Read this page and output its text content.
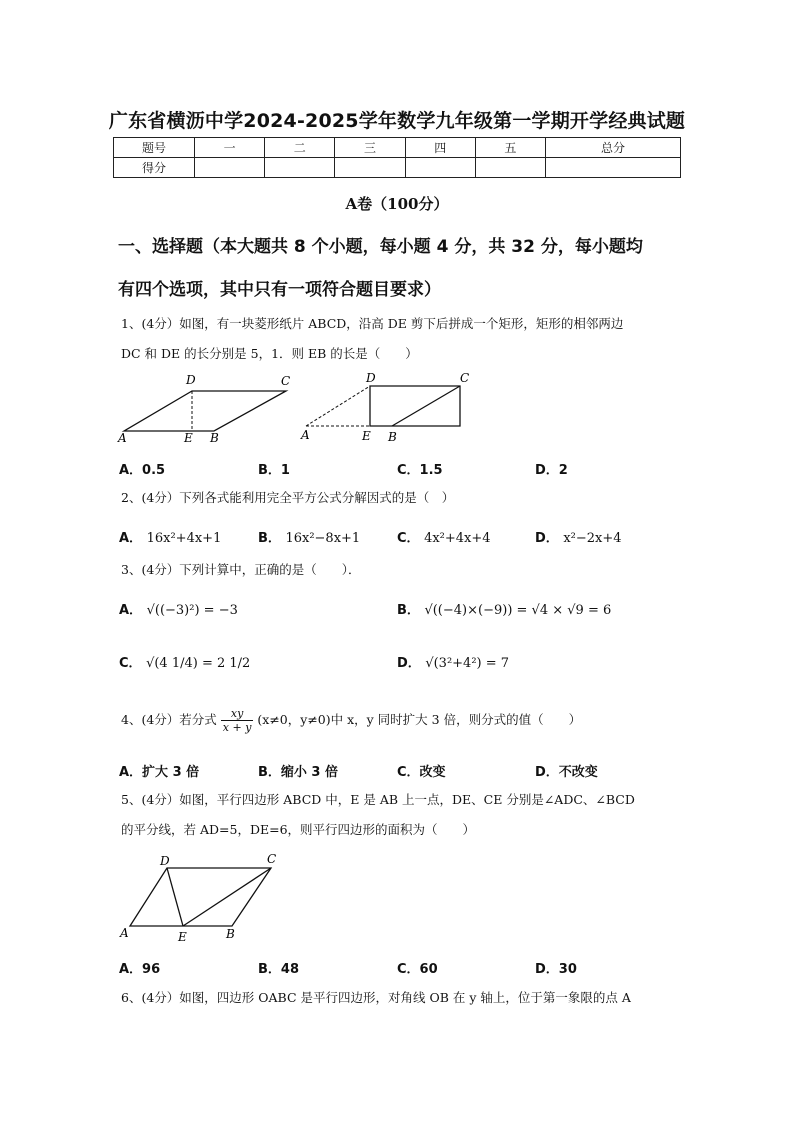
广东省横沥中学2024-2025学年数学九年级第一学期开学经典试题
题号	一	二	三	四	五	总分
得分						
A卷（100分）
一、选择题（本大题共 8 个小题，每小题 4 分，共 32 分，每小题均
有四个选项，其中只有一项符合题目要求）
1、(4分）如图，有一块菱形纸片 ABCD，沿高 DE 剪下后拼成一个矩形，矩形的相邻两边
DC 和 DE 的长分别是 5，1．则 EB 的长是（　　）
A
D	C
E B	A
D	C
E B
A．0.5	B．1	C．1.5	D．2
2、(4分）下列各式能利用完全平方公式分解因式的是（　）
A． 16x²+4x+1	B． 16x²−8x+1	C． 4x²+4x+4	D． x²−2x+4
3、(4分）下列计算中，正确的是（　　）．
A． √((−3)²) = −3	B． √((−4)×(−9)) = √4 × √9 = 6
C． √(4 1/4) = 2 1/2	D． √(3²+4²) = 7
4、(4分）若分式 $\frac{xy}{x + y} (x\ne 0$，y≠0)中 x，y 同时扩大 3 倍，则分式的值（　　）
A．扩大 3 倍	B．缩小 3 倍	C．改变	D．不改变
5、(4分）如图，平行四边形 ABCD 中，E 是 AB 上一点，DE、CE 分别是∠ADC、∠BCD
的平分线，若 AD=5，DE=6，则平行四边形的面积为（　　）
A
D	C
E	B
A．96	B．48	C．60	D．30
6、(4分）如图，四边形 OABC 是平行四边形，对角线 OB 在 y 轴上，位于第一象限的点 A
